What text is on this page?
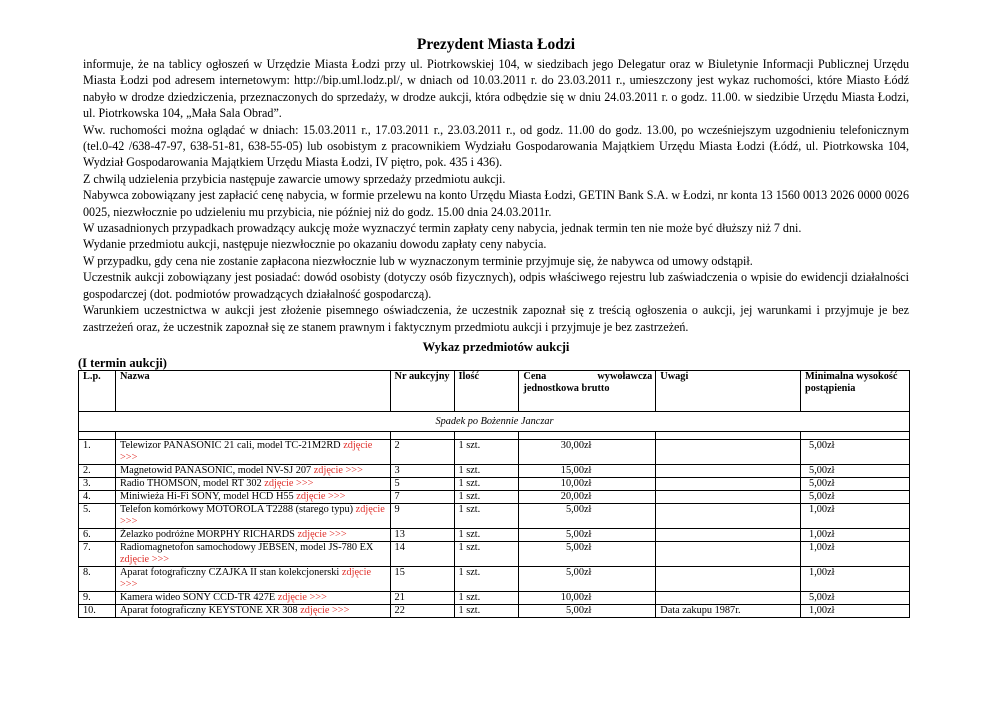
Prezydent Miasta Łodzi

informuje, że na tablicy ogłoszeń w Urzędzie Miasta Łodzi przy ul. Piotrkowskiej 104, w siedzibach jego Delegatur oraz w Biuletynie Informacji Publicznej Urzędu Miasta Łodzi pod adresem internetowym: http://bip.uml.lodz.pl/, w dniach od 10.03.2011 r. do 23.03.2011 r., umieszczony jest wykaz ruchomości, które Miasto Łódź nabyło w drodze dziedziczenia, przeznaczonych do sprzedaży, w drodze aukcji, która odbędzie się w dniu 24.03.2011 r. o godz. 11.00. w siedzibie Urzędu Miasta Łodzi, ul. Piotrkowska 104, „Mała Sala Obrad”.

Ww. ruchomości można oglądać w dniach: 15.03.2011 r., 17.03.2011 r., 23.03.2011 r., od godz. 11.00 do godz. 13.00, po wcześniejszym uzgodnieniu telefonicznym (tel.0-42 /638-47-97, 638-51-81, 638-55-05) lub osobistym z pracownikiem Wydziału Gospodarowania Majątkiem Urzędu Miasta Łodzi (Łódź, ul. Piotrkowska 104, Wydział Gospodarowania Majątkiem Urzędu Miasta Łodzi, IV piętro, pok. 435 i 436).

Z chwilą udzielenia przybicia następuje zawarcie umowy sprzedaży przedmiotu aukcji.

Nabywca zobowiązany jest zapłacić cenę nabycia, w formie przelewu na konto Urzędu Miasta Łodzi, GETIN Bank S.A. w Łodzi, nr konta 13 1560 0013 2026 0000 0026 0025, niezwłocznie po udzieleniu mu przybicia, nie później niż do godz. 15.00 dnia 24.03.2011r.

W uzasadnionych przypadkach prowadzący aukcję może wyznaczyć termin zapłaty ceny nabycia, jednak termin ten nie może być dłuższy niż 7 dni.

Wydanie przedmiotu aukcji, następuje niezwłocznie po okazaniu dowodu zapłaty ceny nabycia.

W przypadku, gdy cena nie zostanie zapłacona niezwłocznie lub w wyznaczonym terminie przyjmuje się, że nabywca od umowy odstąpił.

Uczestnik aukcji zobowiązany jest posiadać: dowód osobisty (dotyczy osób fizycznych), odpis właściwego rejestru lub zaświadczenia o wpisie do ewidencji działalności gospodarczej (dot. podmiotów prowadzących działalność gospodarczą).

Warunkiem uczestnictwa w aukcji jest złożenie pisemnego oświadczenia, że uczestnik zapoznał się z treścią ogłoszenia o aukcji, jej warunkami i przyjmuje je bez zastrzeżeń oraz, że uczestnik zapoznał się ze stanem prawnym i faktycznym przedmiotu aukcji i przyjmuje je bez zastrzeżeń.

Wykaz przedmiotów aukcji
(I termin aukcji)
L.p.	Nazwa	Nr aukcyjny	Ilość	Cena wywoławcza
jednostkowa brutto	Uwagi	Minimalna wysokość postąpienia
Spadek po Bożennie Janczar						

1.	Telewizor PANASONIC 21 cali, model TC-21M2RD zdjęcie >>>	2	1 szt.	30,00zł		5,00zł
2.	Magnetowid PANASONIC, model NV-SJ 207 zdjęcie >>>	3	1 szt.	15,00zł		5,00zł
3.	Radio THOMSON, model RT 302 zdjęcie >>>	5	1 szt.	10,00zł		5,00zł
4.	Miniwieża Hi-Fi SONY, model HCD H55 zdjęcie >>>	7	1 szt.	20,00zł		5,00zł
5.	Telefon komórkowy MOTOROLA T2288 (starego typu) zdjęcie >>>	9	1 szt.	5,00zł		1,00zł
6.	Żelazko podróżne MORPHY RICHARDS zdjęcie >>>	13	1 szt.	5,00zł		1,00zł
7.	Radiomagnetofon samochodowy JEBSEN, model JS-780 EX zdjęcie >>>	14	1 szt.	5,00zł		1,00zł
8.	Aparat fotograficzny CZAJKA II stan kolekcjonerski zdjęcie >>>	15	1 szt.	5,00zł		1,00zł
9.	Kamera wideo SONY CCD-TR 427E zdjęcie >>>	21	1 szt.	10,00zł		5,00zł
10.	Aparat fotograficzny KEYSTONE XR 308 zdjęcie >>>	22	1 szt.	5,00zł	Data zakupu 1987r.	1,00zł
